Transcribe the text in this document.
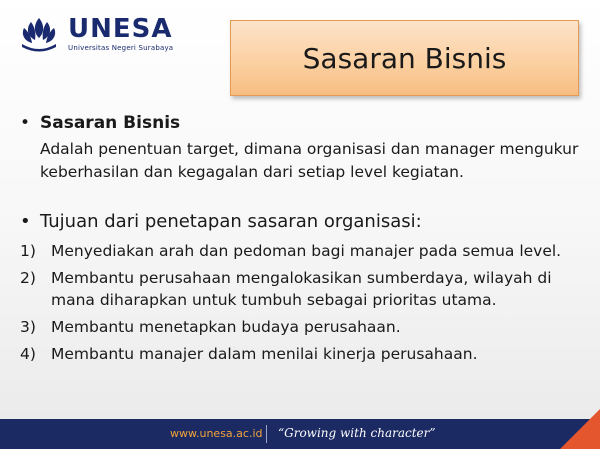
UNESA
Universitas Negeri Surabaya	Sasaran Bisnis
• Sasaran Bisnis
Adalah penentuan target, dimana organisasi dan manager mengukur keberhasilan dan kegagalan dari setiap level kegiatan.
• Tujuan dari penetapan sasaran organisasi:
1) Menyediakan arah dan pedoman bagi manajer pada semua level.
2) Membantu perusahaan mengalokasikan sumberdaya, wilayah di mana diharapkan untuk tumbuh sebagai prioritas utama.
3) Membantu menetapkan budaya perusahaan.
4) Membantu manajer dalam menilai kinerja perusahaan.
www.unesa.ac.id “Growing with character”
